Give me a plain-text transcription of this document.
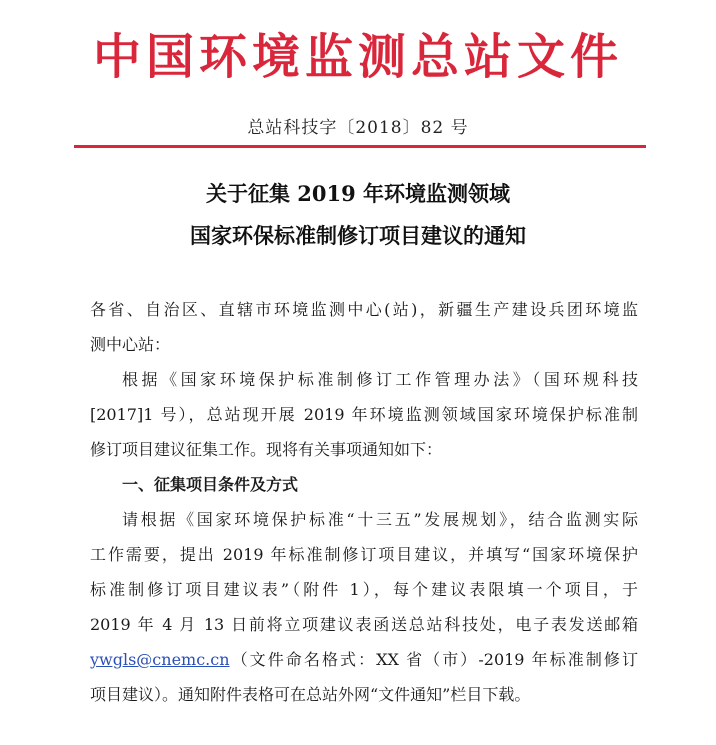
中国环境监测总站文件
总站科技字〔2018〕82 号
关于征集 2019 年环境监测领域
国家环保标准制修订项目建议的通知
各省、自治区、直辖市环境监测中心(站)，新疆生产建设兵团环境监
测中心站：
根据《国家环境保护标准制修订工作管理办法》（国环规科技
[2017]1 号），总站现开展 2019 年环境监测领域国家环境保护标准制
修订项目建议征集工作。现将有关事项通知如下：
一、征集项目条件及方式
请根据《国家环境保护标准“十三五”发展规划》，结合监测实际
工作需要，提出 2019 年标准制修订项目建议，并填写“国家环境保护
标准制修订项目建议表”（附件 1），每个建议表限填一个项目，于
2019 年 4 月 13 日前将立项建议表函送总站科技处，电子表发送邮箱
ywgls@cnemc.cn（文件命名格式：XX 省（市）-2019 年标准制修订
项目建议）。通知附件表格可在总站外网“文件通知”栏目下载。
